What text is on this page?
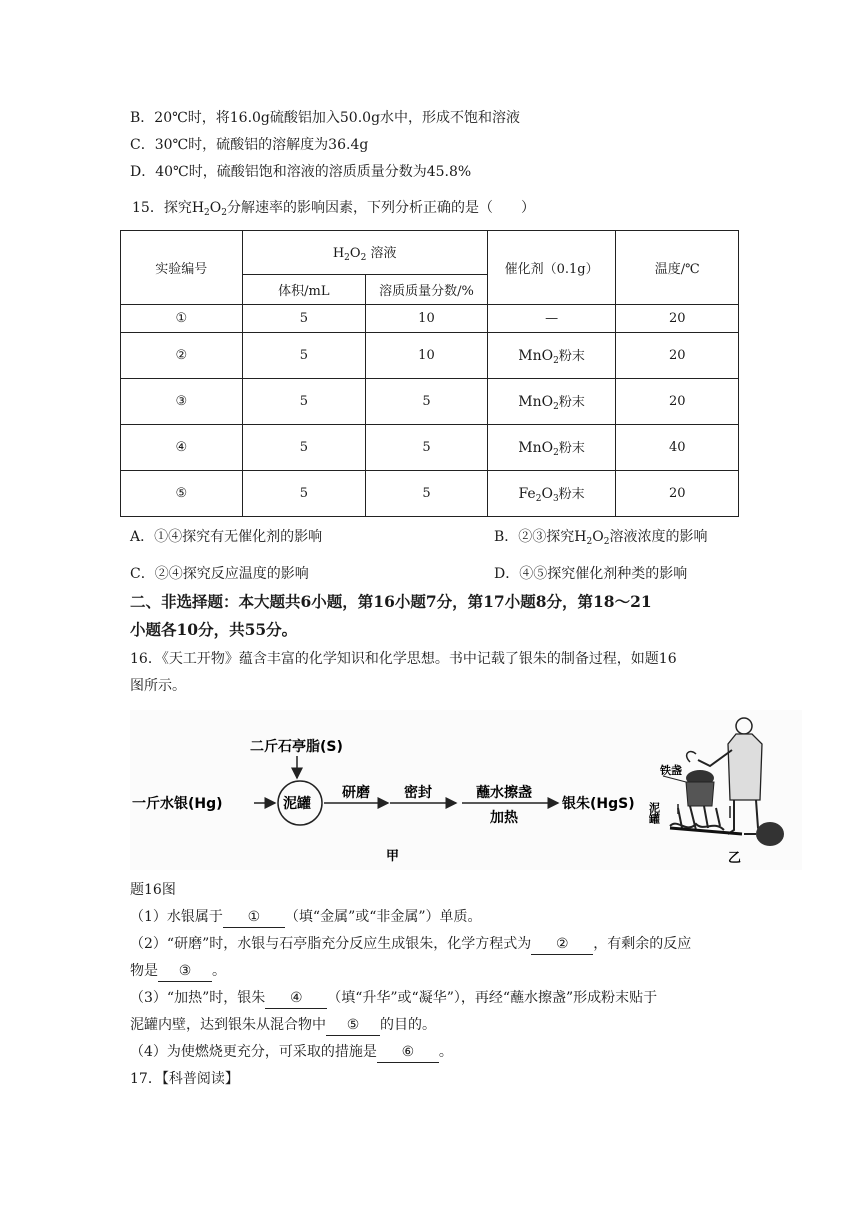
B．20℃时，将16.0g硫酸铝加入50.0g水中，形成不饱和溶液
C．30℃时，硫酸铝的溶解度为36.4g
D．40℃时，硫酸铝饱和溶液的溶质质量分数为45.8%
15．探究$H_2O_2$分解速率的影响因素，下列分析正确的是（　　）
实验编号	$H_2O_2$ 溶液		催化剂（0.1g）	温度/℃
	体积/mL	溶质质量分数/%		
①	5	10	—	20
②	5	10	MnO$_2$粉末	20
③	5	5	MnO$_2$粉末	20
④	5	5	MnO$_2$粉末	40
⑤	5	5	$Fe_2O_3$粉末	20
A．①④探究有无催化剂的影响	B．②③探究$H_2O_2$溶液浓度的影响
C．②④探究反应温度的影响	D．④⑤探究催化剂种类的影响
二、非选择题：本大题共6小题，第16小题7分，第17小题8分，第18～21
小题各10分，共55分。
16．《天工开物》蕴含丰富的化学知识和化学思想。书中记载了银朱的制备过程，如题16
图所示。
二斤石亭脂(S)
一斤水银(Hg)	泥罐
研磨 密封	蘸水擦盏
加热
银朱(HgS)
甲
铁盏
泥罐
乙
题16图
（1）水银属于 ① （填“金属”或“非金属”）单质。
（2）“研磨”时，水银与石亭脂充分反应生成银朱，化学方程式为 ② ，有剩余的反应
物是 ③ 。
（3）“加热”时，银朱 ④ （填“升华”或“凝华”），再经“蘸水擦盏”形成粉末贴于
泥罐内壁，达到银朱从混合物中 ⑤ 的目的。
（4）为使燃烧更充分，可采取的措施是 ⑥ 。
17．【科普阅读】
